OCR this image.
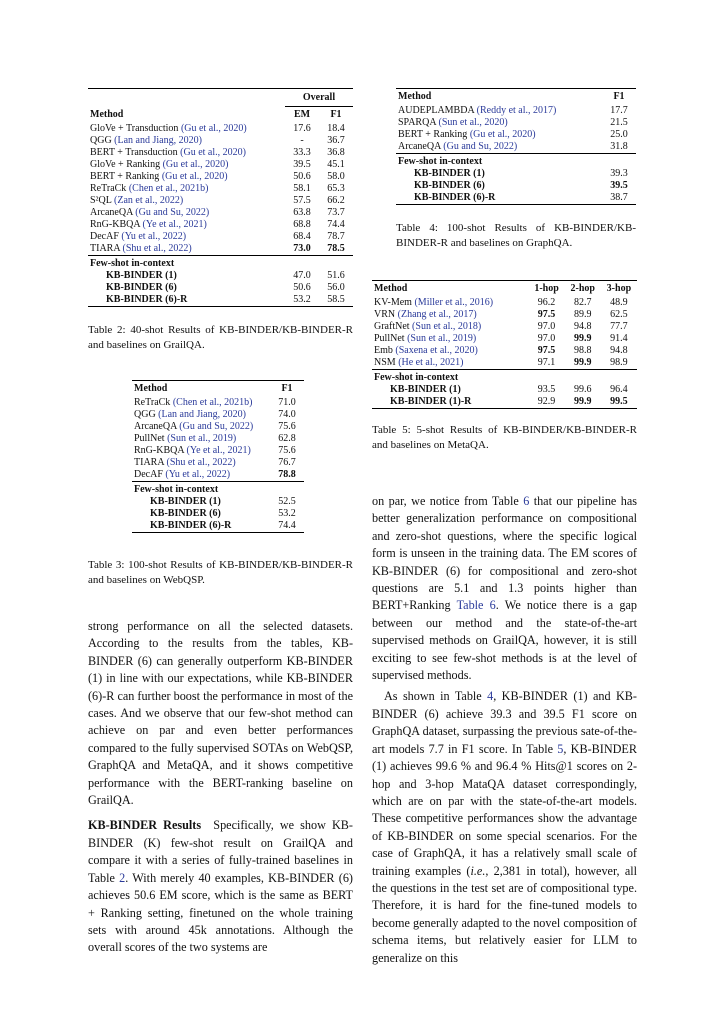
	Overall	
Method	EM	F1
GloVe + Transduction (Gu et al., 2020)	17.6	18.4
QGG (Lan and Jiang, 2020)	-	36.7
BERT + Transduction (Gu et al., 2020)	33.3	36.8
GloVe + Ranking (Gu et al., 2020)	39.5	45.1
BERT + Ranking (Gu et al., 2020)	50.6	58.0
ReTraCk (Chen et al., 2021b)	58.1	65.3
S²QL (Zan et al., 2022)	57.5	66.2
ArcaneQA (Gu and Su, 2022)	63.8	73.7
RnG-KBQA (Ye et al., 2021)	68.8	74.4
DecAF (Yu et al., 2022)	68.4	78.7
TIARA (Shu et al., 2022)	73.0	78.5
Few-shot in-context		
KB-BINDER (1)	47.0	51.6
KB-BINDER (6)	50.6	56.0
KB-BINDER (6)-R	53.2	58.5
Table 2: 40-shot Results of KB-BINDER/KB-BINDER-R and baselines on GrailQA.
Method	F1
ReTraCk (Chen et al., 2021b)	71.0
QGG (Lan and Jiang, 2020)	74.0
ArcaneQA (Gu and Su, 2022)	75.6
PullNet (Sun et al., 2019)	62.8
RnG-KBQA (Ye et al., 2021)	75.6
TIARA (Shu et al., 2022)	76.7
DecAF (Yu et al., 2022)	78.8
Few-shot in-context	
KB-BINDER (1)	52.5
KB-BINDER (6)	53.2
KB-BINDER (6)-R	74.4
Table 3: 100-shot Results of KB-BINDER/KB-BINDER-R and baselines on WebQSP.
Method	F1
AUDEPLAMBDA (Reddy et al., 2017)	17.7
SPARQA (Sun et al., 2020)	21.5
BERT + Ranking (Gu et al., 2020)	25.0
ArcaneQA (Gu and Su, 2022)	31.8
Few-shot in-context	
KB-BINDER (1)	39.3
KB-BINDER (6)	39.5
KB-BINDER (6)-R	38.7
Table 4: 100-shot Results of KB-BINDER/KB-BINDER-R and baselines on GraphQA.
Method	1-hop	2-hop	3-hop
KV-Mem (Miller et al., 2016)	96.2	82.7	48.9
VRN (Zhang et al., 2017)	97.5	89.9	62.5
GraftNet (Sun et al., 2018)	97.0	94.8	77.7
PullNet (Sun et al., 2019)	97.0	99.9	91.4
Emb (Saxena et al., 2020)	97.5	98.8	94.8
NSM (He et al., 2021)	97.1	99.9	98.9
Few-shot in-context			
KB-BINDER (1)	93.5	99.6	96.4
KB-BINDER (1)-R	92.9	99.9	99.5
Table 5: 5-shot Results of KB-BINDER/KB-BINDER-R and baselines on MetaQA.

strong performance on all the selected datasets. According to the results from the tables, KB-BINDER (6) can generally outperform KB-BINDER (1) in line with our expectations, while KB-BINDER (6)-R can further boost the performance in most of the cases. And we observe that our few-shot method can achieve on par and even better performances compared to the fully supervised SOTAs on WebQSP, GraphQA and MetaQA, and it shows competitive performance with the BERT-ranking baseline on GrailQA.

KB-BINDER Results Specifically, we show KB-BINDER (K) few-shot result on GrailQA and compare it with a series of fully-trained baselines in Table 2. With merely 40 examples, KB-BINDER (6) achieves 50.6 EM score, which is the same as BERT + Ranking setting, finetuned on the whole training sets with around 45k annotations. Although the overall scores of the two systems are

on par, we notice from Table 6 that our pipeline has better generalization performance on compositional and zero-shot questions, where the specific logical form is unseen in the training data. The EM scores of KB-BINDER (6) for compositional and zero-shot questions are 5.1 and 1.3 points higher than BERT+Ranking Table 6. We notice there is a gap between our method and the state-of-the-art supervised methods on GrailQA, however, it is still exciting to see few-shot methods is at the level of supervised methods.

As shown in Table 4, KB-BINDER (1) and KB-BINDER (6) achieve 39.3 and 39.5 F1 score on GraphQA dataset, surpassing the previous sate-of-the-art models 7.7 in F1 score. In Table 5, KB-BINDER (1) achieves 99.6 % and 96.4 % Hits@1 scores on 2-hop and 3-hop MataQA dataset correspondingly, which are on par with the state-of-the-art models. These competitive performances show the advantage of KB-BINDER on some special scenarios. For the case of GraphQA, it has a relatively small scale of training examples (i.e., 2,381 in total), however, all the questions in the test set are of compositional type. Therefore, it is hard for the fine-tuned models to become generally adapted to the novel composition of schema items, but relatively easier for LLM to generalize on this
